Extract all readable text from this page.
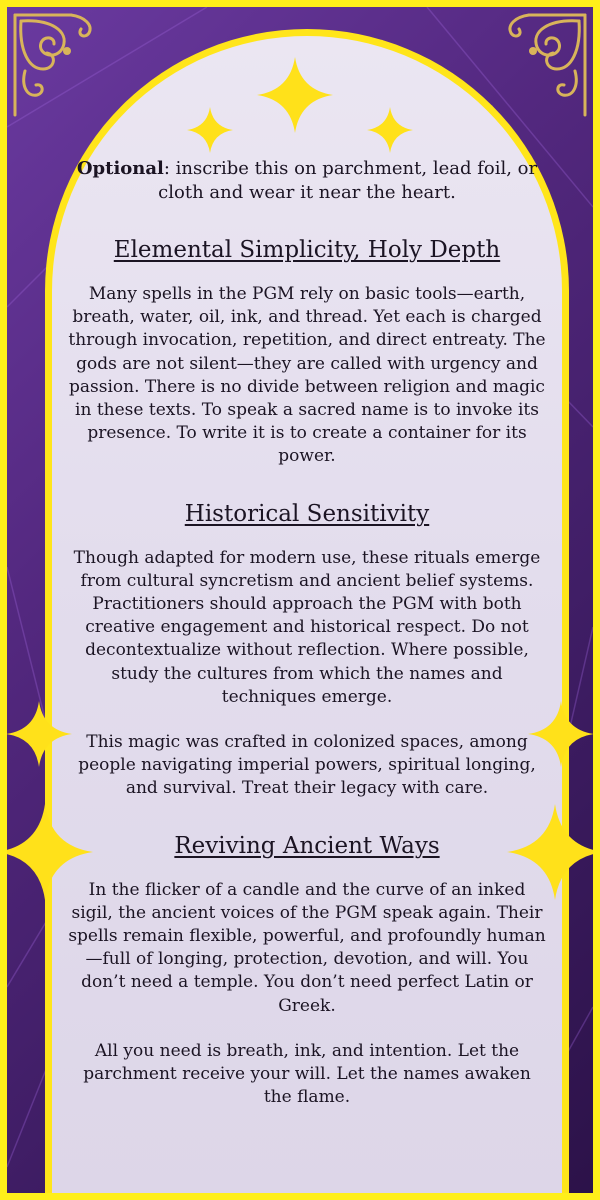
Optional: inscribe this on parchment, lead foil, or cloth and wear it near the heart.

Elemental Simplicity, Holy Depth

Many spells in the PGM rely on basic tools—earth, breath, water, oil, ink, and thread. Yet each is charged through invocation, repetition, and direct entreaty. The gods are not silent—they are called with urgency and passion. There is no divide between religion and magic in these texts. To speak a sacred name is to invoke its presence. To write it is to create a container for its power.

Historical Sensitivity

Though adapted for modern use, these rituals emerge from cultural syncretism and ancient belief systems. Practitioners should approach the PGM with both creative engagement and historical respect. Do not decontextualize without reflection. Where possible, study the cultures from which the names and techniques emerge.

This magic was crafted in colonized spaces, among people navigating imperial powers, spiritual longing, and survival. Treat their legacy with care.

Reviving Ancient Ways

In the flicker of a candle and the curve of an inked sigil, the ancient voices of the PGM speak again. Their spells remain flexible, powerful, and profoundly human—full of longing, protection, devotion, and will. You don’t need a temple. You don’t need perfect Latin or Greek.

All you need is breath, ink, and intention. Let the parchment receive your will. Let the names awaken the flame.
